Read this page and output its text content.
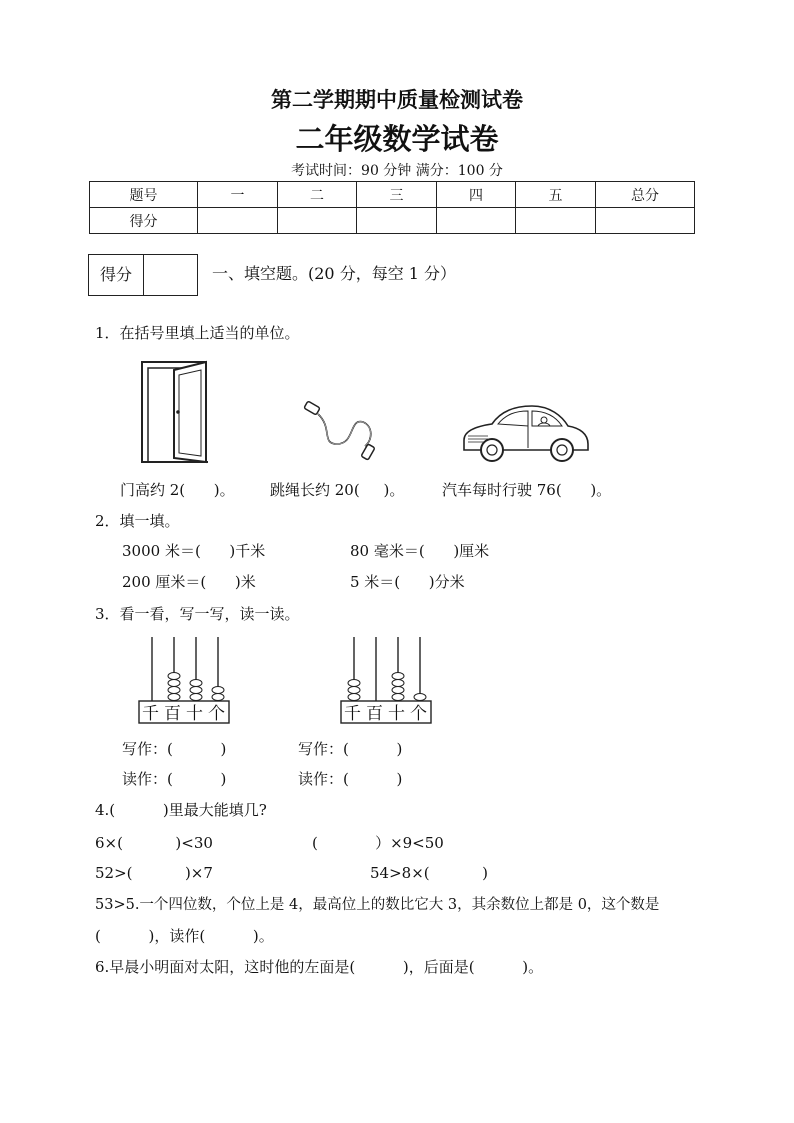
第二学期期中质量检测试卷
二年级数学试卷
考试时间：90 分钟 满分：100 分
题号	一	二	三	四	五	总分
得分						
得分	一、填空题。(20 分，每空 1 分）
1．在括号里填上适当的单位。
门高约 2(      )。 跳绳长约 20(     )。	汽车每时行驶 76(      )。
2．填一填。
3000 米＝(      )千米	80 毫米＝(      )厘米
200 厘米＝(      )米	5 米＝(      )分米
3．看一看，写一写，读一读。
千 百 十 个	千 百 十 个
写作：(          )	写作：(          )
读作：(          )	读作：(          )
4.(          )里最大能填几?
6×(           )<30	(            ）×9<50
52>(           )×7	54>8×(           )
53>5.一个四位数，个位上是 4，最高位上的数比它大 3，其余数位上都是 0，这个数是
(          )，读作(          )。
6.早晨小明面对太阳，这时他的左面是(          )，后面是(          )。
